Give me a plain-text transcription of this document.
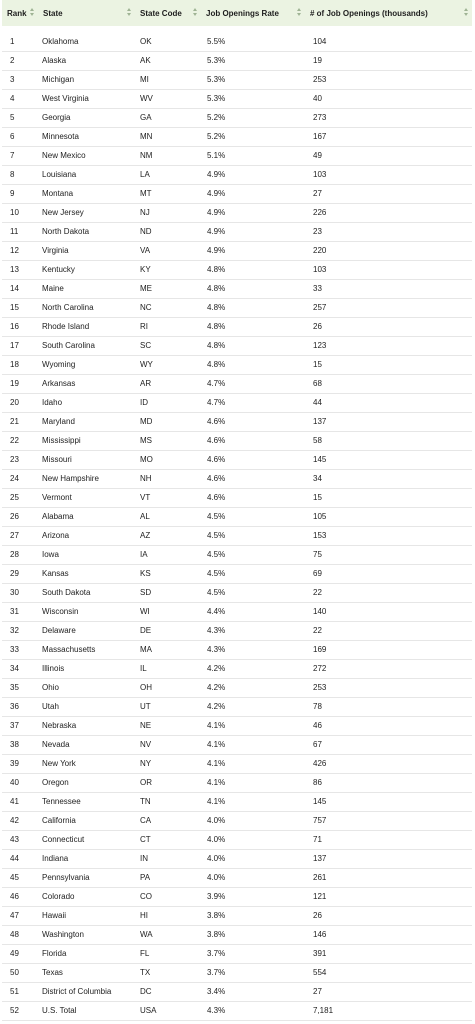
Rank	State	State Code	Job Openings Rate	# of Job Openings (thousands)

1	Oklahoma	OK	5.5%	104
2	Alaska	AK	5.3%	19
3	Michigan	MI	5.3%	253
4	West Virginia	WV	5.3%	40
5	Georgia	GA	5.2%	273
6	Minnesota	MN	5.2%	167
7	New Mexico	NM	5.1%	49
8	Louisiana	LA	4.9%	103
9	Montana	MT	4.9%	27
10	New Jersey	NJ	4.9%	226
11	North Dakota	ND	4.9%	23
12	Virginia	VA	4.9%	220
13	Kentucky	KY	4.8%	103
14	Maine	ME	4.8%	33
15	North Carolina	NC	4.8%	257
16	Rhode Island	RI	4.8%	26
17	South Carolina	SC	4.8%	123
18	Wyoming	WY	4.8%	15
19	Arkansas	AR	4.7%	68
20	Idaho	ID	4.7%	44
21	Maryland	MD	4.6%	137
22	Mississippi	MS	4.6%	58
23	Missouri	MO	4.6%	145
24	New Hampshire	NH	4.6%	34
25	Vermont	VT	4.6%	15
26	Alabama	AL	4.5%	105
27	Arizona	AZ	4.5%	153
28	Iowa	IA	4.5%	75
29	Kansas	KS	4.5%	69
30	South Dakota	SD	4.5%	22
31	Wisconsin	WI	4.4%	140
32	Delaware	DE	4.3%	22
33	Massachusetts	MA	4.3%	169
34	Illinois	IL	4.2%	272
35	Ohio	OH	4.2%	253
36	Utah	UT	4.2%	78
37	Nebraska	NE	4.1%	46
38	Nevada	NV	4.1%	67
39	New York	NY	4.1%	426
40	Oregon	OR	4.1%	86
41	Tennessee	TN	4.1%	145
42	California	CA	4.0%	757
43	Connecticut	CT	4.0%	71
44	Indiana	IN	4.0%	137
45	Pennsylvania	PA	4.0%	261
46	Colorado	CO	3.9%	121
47	Hawaii	HI	3.8%	26
48	Washington	WA	3.8%	146
49	Florida	FL	3.7%	391
50	Texas	TX	3.7%	554
51	District of Columbia	DC	3.4%	27
52	U.S. Total	USA	4.3%	7,181
